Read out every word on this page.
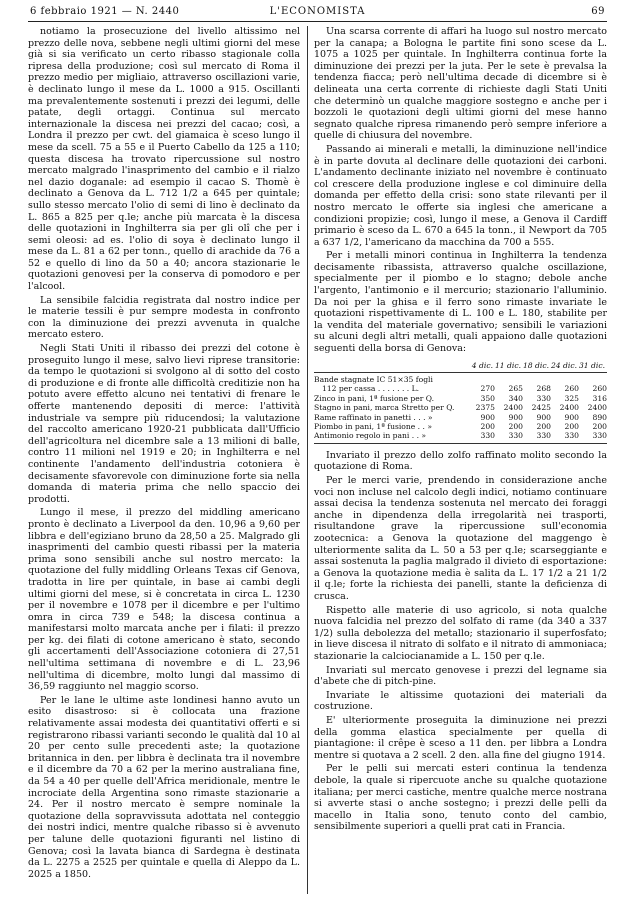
6 febbraio 1921 — N. 2440	L'ECONOMISTA	69

notiamo la prosecuzione del livello altissimo nel prezzo delle nova, sebbene negli ultimi giorni del mese già si sia verificato un certo ribasso stagionale colla ripresa della produzione; così sul mercato di Roma il prezzo medio per migliaio, attraverso oscillazioni varie, è declinato lungo il mese da L. 1000 a 915. Oscillanti ma prevalentemente sostenuti i prezzi dei legumi, delle patate, degli ortaggi. Continua sul mercato internazionale la discesa nei prezzi del cacao; così, a Londra il prezzo per cwt. del giamaica è sceso lungo il mese da scell. 75 a 55 e il Puerto Cabello da 125 a 110; questa discesa ha trovato ripercussione sul nostro mercato malgrado l'inasprimento del cambio e il rialzo nel dazio doganale: ad esempio il cacao S. Thomè è declinato a Genova da L. 712 1/2 a 645 per quintale; sullo stesso mercato l'olio di semi di lino è declinato da L. 865 a 825 per q.le; anche più marcata è la discesa delle quotazioni in Inghilterra sia per gli olî che per i semi oleosi: ad es. l'olio di soya è declinato lungo il mese da L. 81 a 62 per tonn., quello di arachide da 76 a 52 e quello di lino da 50 a 40; ancora stazionarie le quotazioni genovesi per la conserva di pomodoro e per l'alcool.

La sensibile falcidia registrata dal nostro indice per le materie tessili è pur sempre modesta in confronto con la diminuzione dei prezzi avvenuta in qualche mercato estero.

Negli Stati Uniti il ribasso dei prezzi del cotone è proseguito lungo il mese, salvo lievi riprese transitorie: da tempo le quotazioni si svolgono al di sotto del costo di produzione e di fronte alle difficoltà creditizie non ha potuto avere effetto alcuno nei tentativi di frenare le offerte mantenendo depositi di merce: l'attività industriale va sempre più riducendosi; la valutazione del raccolto americano 1920-21 pubblicata dall'Ufficio dell'agricoltura nel dicembre sale a 13 milioni di balle, contro 11 milioni nel 1919 e 20; in Inghilterra e nel continente l'andamento dell'industria cotoniera è decisamente sfavorevole con diminuzione forte sia nella domanda di materia prima che nello spaccio dei prodotti.

Lungo il mese, il prezzo del middling americano pronto è declinato a Liverpool da den. 10,96 a 9,60 per libbra e dell'egiziano bruno da 28,50 a 25. Malgrado gli inasprimenti del cambio questi ribassi per la materia prima sono sensibili anche sul nostro mercato: la quotazione del fully middling Orleans Texas cif Genova, tradotta in lire per quintale, in base ai cambi degli ultimi giorni del mese, si è concretata in circa L. 1230 per il novembre e 1078 per il dicembre e per l'ultimo omra in circa 739 e 548; la discesa continua a manifestarsi molto marcata anche per i filati: il prezzo per kg. dei filati di cotone americano è stato, secondo gli accertamenti dell'Associazione cotoniera di 27,51 nell'ultima settimana di novembre e di L. 23,96 nell'ultima di dicembre, molto lungi dal massimo di 36,59 raggiunto nel maggio scorso.

Per le lane le ultime aste londinesi hanno avuto un esito disastroso: si è collocata una frazione relativamente assai modesta dei quantitativi offerti e si registrarono ribassi varianti secondo le qualità dal 10 al 20 per cento sulle precedenti aste; la quotazione britannica in den. per libbra è declinata tra il novembre e il dicembre da 70 a 62 per la merino australiana fine, da 54 a 40 per quelle dell'Africa meridionale, mentre le incrociate della Argentina sono rimaste stazionarie a 24. Per il nostro mercato è sempre nominale la quotazione della sopravvissuta adottata nel conteggio dei nostri indici, mentre qualche ribasso si è avvenuto per talune delle quotazioni figuranti nel listino di Genova; così la lavata bianca di Sardegna è destinata da L. 2275 a 2525 per quintale e quella di Aleppo da L. 2025 a 1850.

Una scarsa corrente di affari ha luogo sul nostro mercato per la canapa; a Bologna le partite fini sono scese da L. 1075 a 1025 per quintale. In Inghilterra continua forte la diminuzione dei prezzi per la juta. Per le sete è prevalsa la tendenza fiacca; però nell'ultima decade di dicembre si è delineata una certa corrente di richieste dagli Stati Uniti che determinò un qualche maggiore sostegno e anche per i bozzoli le quotazioni degli ultimi giorni del mese hanno segnato qualche ripresa rimanendo però sempre inferiore a quelle di chiusura del novembre.

Passando ai minerali e metalli, la diminuzione nell'indice è in parte dovuta al declinare delle quotazioni dei carboni. L'andamento declinante iniziato nel novembre è continuato col crescere della produzione inglese e col diminuire della domanda per effetto della crisi: sono state rilevanti per il nostro mercato le offerte sia inglesi che americane a condizioni propizie; così, lungo il mese, a Genova il Cardiff primario è sceso da L. 670 a 645 la tonn., il Newport da 705 a 637 1/2, l'americano da macchina da 700 a 555.

Per i metalli minori continua in Inghilterra la tendenza decisamente ribassista, attraverso qualche oscillazione, specialmente per il piombo e lo stagno; debole anche l'argento, l'antimonio e il mercurio; stazionario l'alluminio. Da noi per la ghisa e il ferro sono rimaste invariate le quotazioni rispettivamente di L. 100 e L. 180, stabilite per la vendita del materiale governativo; sensibili le variazioni su alcuni degli altri metalli, quali appaiono dalle quotazioni seguenti della borsa di Genova:

4 dic. 11 dic. 18 dic. 24 dic. 31 dic.
Bande stagnate IC 51×35 fogli
112 per cassa . . . . . . . L.	270	265	268	260	260
Zinco in pani, 1ª fusione per Q.	350	340	330	325	316
Stagno in pani, marca Stretto per Q.	2375	2400	2425	2400	2400
Rame raffinato in panetti . . . »	900	900	900	900	890
Piombo in pani, 1ª fusione . . »	200	200	200	200	200
Antimonio regolo in pani . . »	330	330	330	330	330

Invariato il prezzo dello zolfo raffinato molito secondo la quotazione di Roma.

Per le merci varie, prendendo in considerazione anche voci non incluse nel calcolo degli indici, notiamo continuare assai decisa la tendenza sostenuta nel mercato dei foraggi anche in dipendenza della irregolarità nei trasporti, risultandone grave la ripercussione sull'economia zootecnica: a Genova la quotazione del maggengo è ulteriormente salita da L. 50 a 53 per q.le; scarseggiante e assai sostenuta la paglia malgrado il divieto di esportazione: a Genova la quotazione media è salita da L. 17 1/2 a 21 1/2 il q.le; forte la richiesta dei panelli, stante la deficienza di crusca.

Rispetto alle materie di uso agricolo, si nota qualche nuova falcidia nel prezzo del solfato di rame (da 340 a 337 1/2) sulla debolezza del metallo; stazionario il superfosfato; in lieve discesa il nitrato di solfato e il nitrato di ammoniaca; stazionarie la calciocianamide a L. 150 per q.le.

Invariati sul mercato genovese i prezzi del legname sia d'abete che di pitch-pine.

Invariate le altissime quotazioni dei materiali da costruzione.

E' ulteriormente proseguita la diminuzione nei prezzi della gomma elastica specialmente per quella di piantagione: il crêpe è sceso a 11 den. per libbra a Londra mentre si quotava a 2 scell. 2 den. alla fine del giugno 1914.

Per le pelli sui mercati esteri continua la tendenza debole, la quale si ripercuote anche su qualche quotazione italiana; per merci castiche, mentre qualche merce nostrana si avverte stasi o anche sostegno; i prezzi delle pelli da macello in Italia sono, tenuto conto del cambio, sensibilmente superiori a quelli prat cati in Francia.
